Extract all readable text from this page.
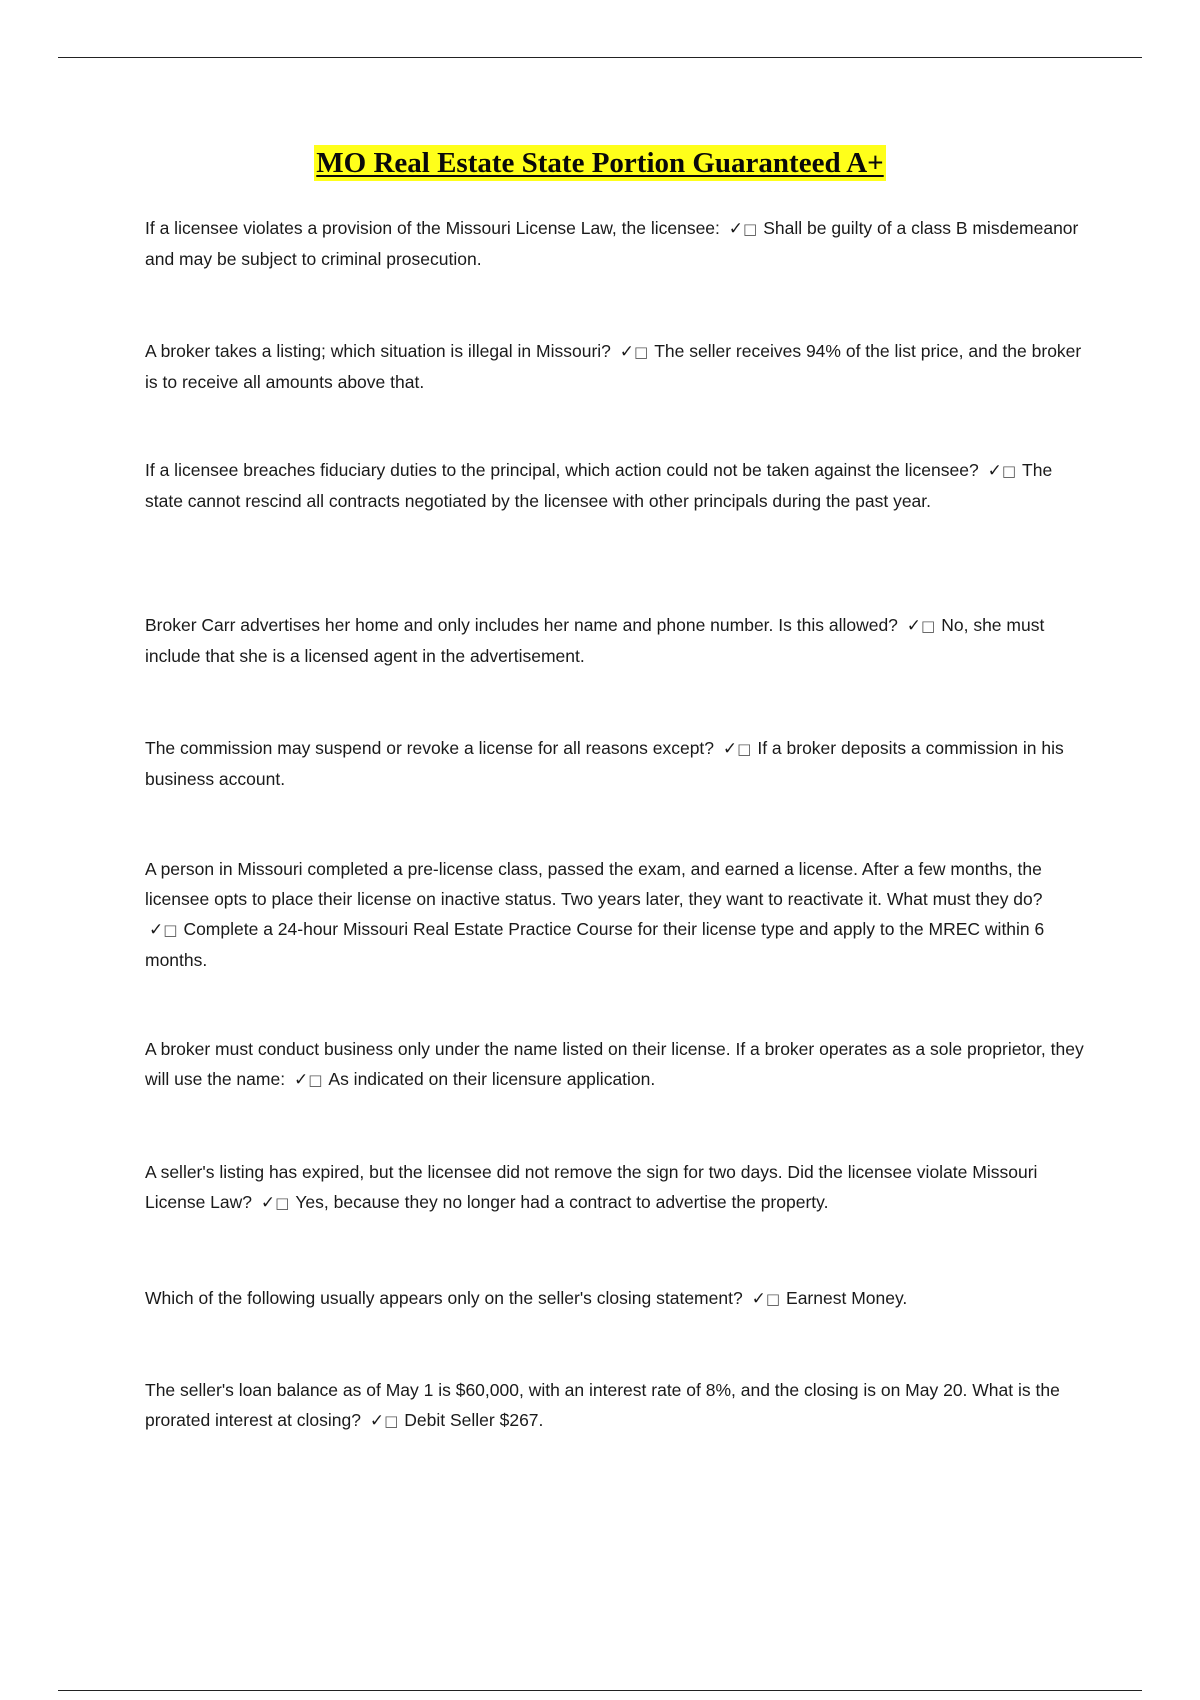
MO Real Estate State Portion Guaranteed A+

If a licensee violates a provision of the Missouri License Law, the licensee: ✓□ Shall be guilty of a class B misdemeanor and may be subject to criminal prosecution.

A broker takes a listing; which situation is illegal in Missouri? ✓□ The seller receives 94% of the list price, and the broker is to receive all amounts above that.

If a licensee breaches fiduciary duties to the principal, which action could not be taken against the licensee? ✓□ The state cannot rescind all contracts negotiated by the licensee with other principals during the past year.

Broker Carr advertises her home and only includes her name and phone number. Is this allowed? ✓□ No, she must include that she is a licensed agent in the advertisement.

The commission may suspend or revoke a license for all reasons except? ✓□ If a broker deposits a commission in his business account.

A person in Missouri completed a pre-license class, passed the exam, and earned a license. After a few months, the licensee opts to place their license on inactive status. Two years later, they want to reactivate it. What must they do? ✓□ Complete a 24-hour Missouri Real Estate Practice Course for their license type and apply to the MREC within 6 months.

A broker must conduct business only under the name listed on their license. If a broker operates as a sole proprietor, they will use the name: ✓□ As indicated on their licensure application.

A seller's listing has expired, but the licensee did not remove the sign for two days. Did the licensee violate Missouri License Law? ✓□ Yes, because they no longer had a contract to advertise the property.

Which of the following usually appears only on the seller's closing statement? ✓□ Earnest Money.

The seller's loan balance as of May 1 is $60,000, with an interest rate of 8%, and the closing is on May 20. What is the prorated interest at closing? ✓□ Debit Seller $267.
